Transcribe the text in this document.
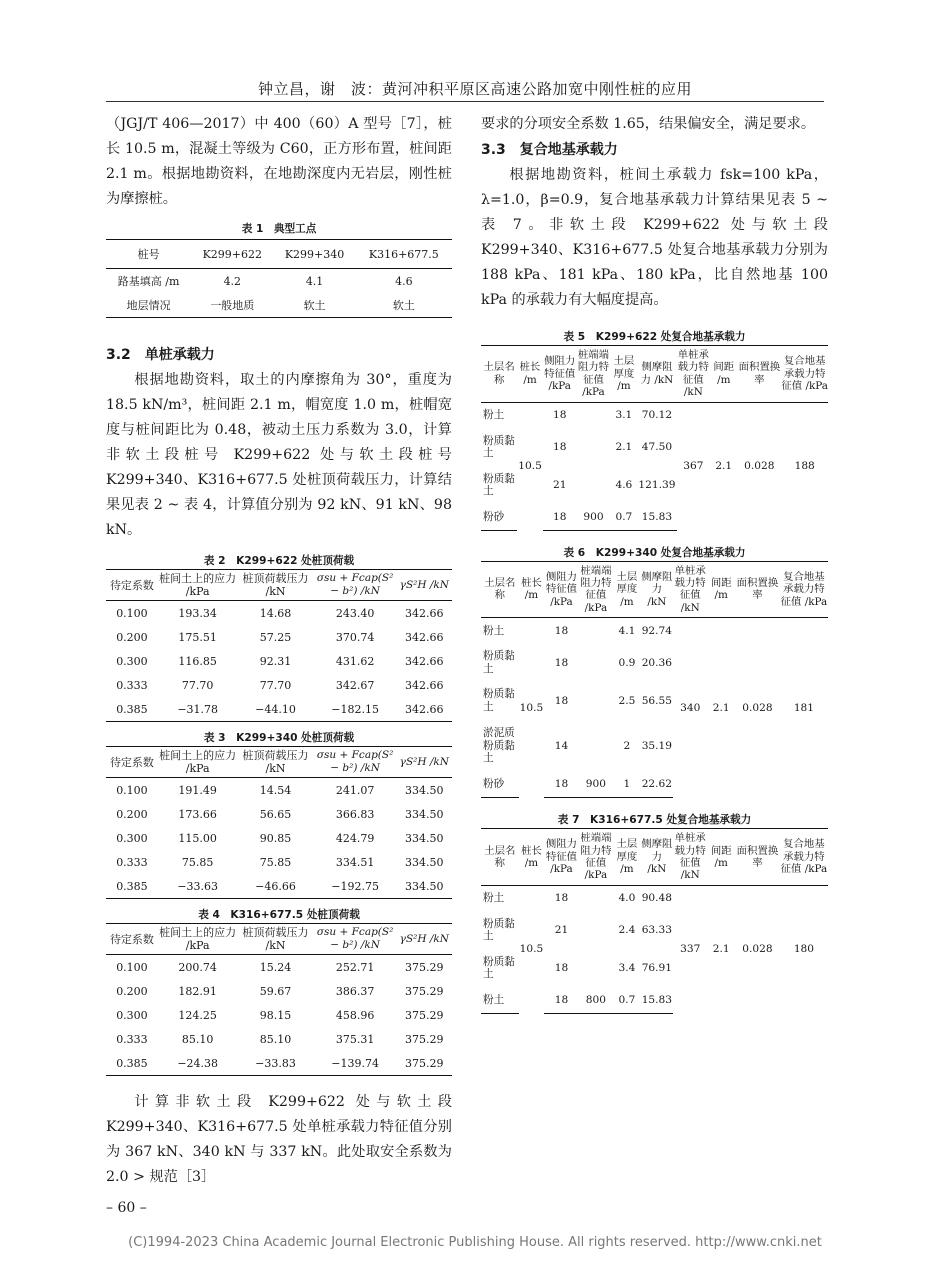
钟立昌，谢　波：黄河冲积平原区高速公路加宽中刚性桩的应用

（JGJ/T 406—2017）中 400（60）A 型号［7］，桩长 10.5 m，混凝土等级为 C60，正方形布置，桩间距 2.1 m。根据地勘资料，在地勘深度内无岩层，刚性桩为摩擦桩。

表 1　典型工点

桩号	K299+622	K299+340	K316+677.5
路基填高 /m	4.2	4.1	4.6
地层情况	一般地质	软土	软土

3.2　单桩承载力

根据地勘资料，取土的内摩擦角为 30°，重度为 18.5 kN/m³，桩间距 2.1 m，帽宽度 1.0 m，桩帽宽度与桩间距比为 0.48，被动土压力系数为 3.0，计算非软土段桩号 K299+622 处与软土段桩号 K299+340、K316+677.5 处桩顶荷载压力，计算结果见表 2 ~ 表 4，计算值分别为 92 kN、91 kN、98 kN。

表 2　K299+622 处桩顶荷载

待定系数	桩间土上的应力 /kPa	桩顶荷载压力 /kN	σsu + Fcap(S² − b²) /kN	γS²H /kN
0.100	193.34	14.68	243.40	342.66
0.200	175.51	57.25	370.74	342.66
0.300	116.85	92.31	431.62	342.66
0.333	77.70	77.70	342.67	342.66
0.385	−31.78	−44.10	−182.15	342.66

表 3　K299+340 处桩顶荷载

待定系数	桩间土上的应力 /kPa	桩顶荷载压力 /kN	σsu + Fcap(S² − b²) /kN	γS²H /kN
0.100	191.49	14.54	241.07	334.50
0.200	173.66	56.65	366.83	334.50
0.300	115.00	90.85	424.79	334.50
0.333	75.85	75.85	334.51	334.50
0.385	−33.63	−46.66	−192.75	334.50

表 4　K316+677.5 处桩顶荷载

待定系数	桩间土上的应力 /kPa	桩顶荷载压力 /kN	σsu + Fcap(S² − b²) /kN	γS²H /kN
0.100	200.74	15.24	252.71	375.29
0.200	182.91	59.67	386.37	375.29
0.300	124.25	98.15	458.96	375.29
0.333	85.10	85.10	375.31	375.29
0.385	−24.38	−33.83	−139.74	375.29

计算非软土段 K299+622 处与软土段 K299+340、K316+677.5 处单桩承载力特征值分别为 367 kN、340 kN 与 337 kN。此处取安全系数为 2.0 > 规范［3］

– 60 –

要求的分项安全系数 1.65，结果偏安全，满足要求。

3.3　复合地基承载力

根据地勘资料，桩间土承载力 fsk=100 kPa，λ=1.0，β=0.9，复合地基承载力计算结果见表 5 ~ 表 7。非软土段 K299+622 处与软土段 K299+340、K316+677.5 处复合地基承载力分别为 188 kPa、181 kPa、180 kPa，比自然地基 100 kPa 的承载力有大幅度提高。

表 5　K299+622 处复合地基承载力

土层名称	桩长 /m	侧阻力特征值 /kPa	桩端端阻力特征值 /kPa	土层厚度 /m	侧摩阻力 /kN	单桩承载力特征值 /kN	间距 /m	面积置换率	复合地基承载力特征值 /kPa
粉土	10.5	18		3.1	70.12	367	2.1	0.028	188
粉质黏土		18		2.1	47.50				
粉质黏土		21		4.6	121.39				
粉砂		18	900	0.7	15.83				

表 6　K299+340 处复合地基承载力

土层名称	桩长 /m	侧阻力特征值 /kPa	桩端端阻力特征值 /kPa	土层厚度 /m	侧摩阻力 /kN	单桩承载力特征值 /kN	间距 /m	面积置换率	复合地基承载力特征值 /kPa
粉土	10.5	18		4.1	92.74	340	2.1	0.028	181
粉质黏土		18		0.9	20.36				
粉质黏土		18		2.5	56.55				
淤泥质粉质黏土		14		2	35.19				
粉砂		18	900	1	22.62				

表 7　K316+677.5 处复合地基承载力

土层名称	桩长 /m	侧阻力特征值 /kPa	桩端端阻力特征值 /kPa	土层厚度 /m	侧摩阻力 /kN	单桩承载力特征值 /kN	间距 /m	面积置换率	复合地基承载力特征值 /kPa
粉土	10.5	18		4.0	90.48	337	2.1	0.028	180
粉质黏土		21		2.4	63.33				
粉质黏土		18		3.4	76.91				
粉土		18	800	0.7	15.83				
(C)1994-2023 China Academic Journal Electronic Publishing House. All rights reserved. http://www.cnki.net
